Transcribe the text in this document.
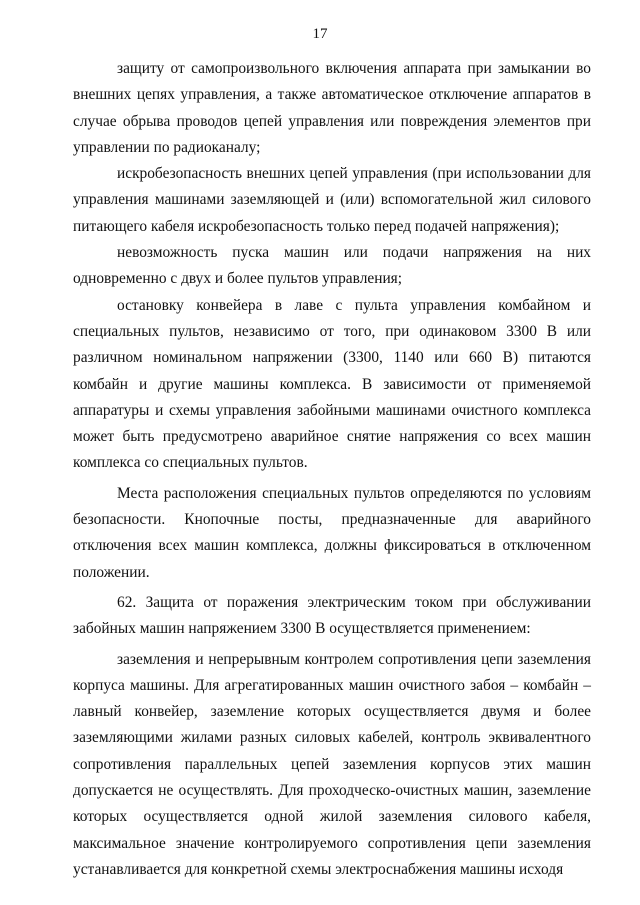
17

защиту от самопроизвольного включения аппарата при замыкании во внешних цепях управления, а также автоматическое отключение аппаратов в случае обрыва проводов цепей управления или повреждения элементов при управлении по радиоканалу;

искробезопасность внешних цепей управления (при использовании для управления машинами заземляющей и (или) вспомогательной жил силового питающего кабеля искробезопасность только перед подачей напряжения);

невозможность пуска машин или подачи напряжения на них одновременно с двух и более пультов управления;

остановку конвейера в лаве с пульта управления комбайном и специальных пультов, независимо от того, при одинаковом 3300 В или различном номинальном напряжении (3300, 1140 или 660 В) питаются комбайн и другие машины комплекса. В зависимости от применяемой аппаратуры и схемы управления забойными машинами очистного комплекса может быть предусмотрено аварийное снятие напряжения со всех машин комплекса со специальных пультов.

Места расположения специальных пультов определяются по условиям безопасности. Кнопочные посты, предназначенные для аварийного отключения всех машин комплекса, должны фиксироваться в отключенном положении.

62. Защита от поражения электрическим током при обслуживании забойных машин напряжением 3300 В осуществляется применением:

заземления и непрерывным контролем сопротивления цепи заземления корпуса машины. Для агрегатированных машин очистного забоя – комбайн – лавный конвейер, заземление которых осуществляется двумя и более заземляющими жилами разных силовых кабелей, контроль эквивалентного сопротивления параллельных цепей заземления корпусов этих машин допускается не осуществлять. Для проходческо-очистных машин, заземление которых осуществляется одной жилой заземления силового кабеля, максимальное значение контролируемого сопротивления цепи заземления устанавливается для конкретной схемы электроснабжения машины исходя
